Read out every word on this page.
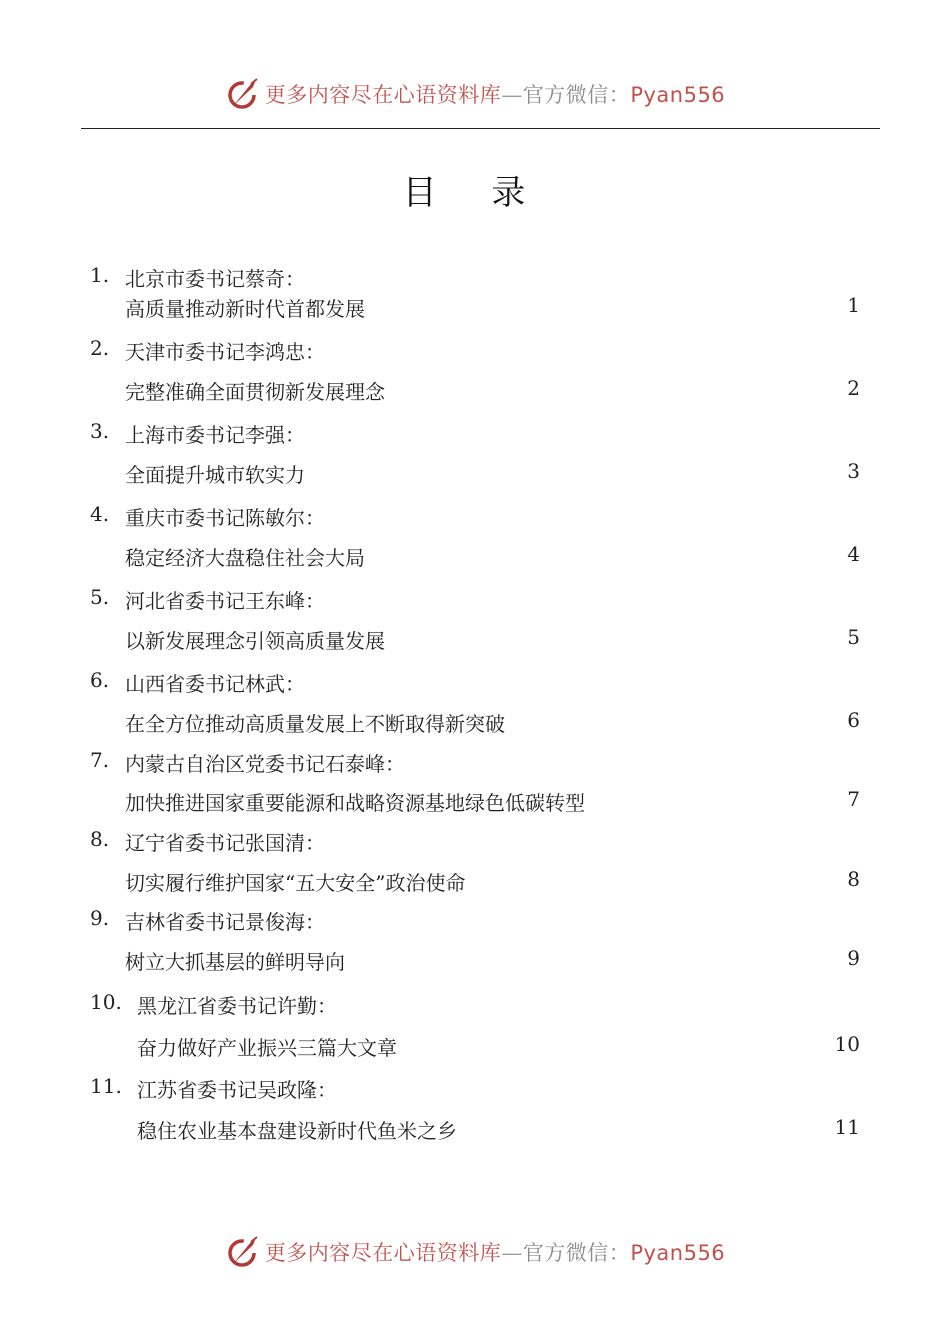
更多内容尽在心语资料库—官方微信：Pyan556
目 录
1. 北京市委书记蔡奇：
高质量推动新时代首都发展	1
2. 天津市委书记李鸿忠：
完整准确全面贯彻新发展理念	2
3. 上海市委书记李强：
全面提升城市软实力	3
4. 重庆市委书记陈敏尔：
稳定经济大盘稳住社会大局	4
5. 河北省委书记王东峰：
以新发展理念引领高质量发展	5
6. 山西省委书记林武：
在全方位推动高质量发展上不断取得新突破	6
7. 内蒙古自治区党委书记石泰峰：
加快推进国家重要能源和战略资源基地绿色低碳转型	7
8. 辽宁省委书记张国清：
切实履行维护国家“五大安全”政治使命	8
9. 吉林省委书记景俊海：
树立大抓基层的鲜明导向	9
10. 黑龙江省委书记许勤：
奋力做好产业振兴三篇大文章	10
11. 江苏省委书记吴政隆：
稳住农业基本盘建设新时代鱼米之乡	11
更多内容尽在心语资料库—官方微信：Pyan556
